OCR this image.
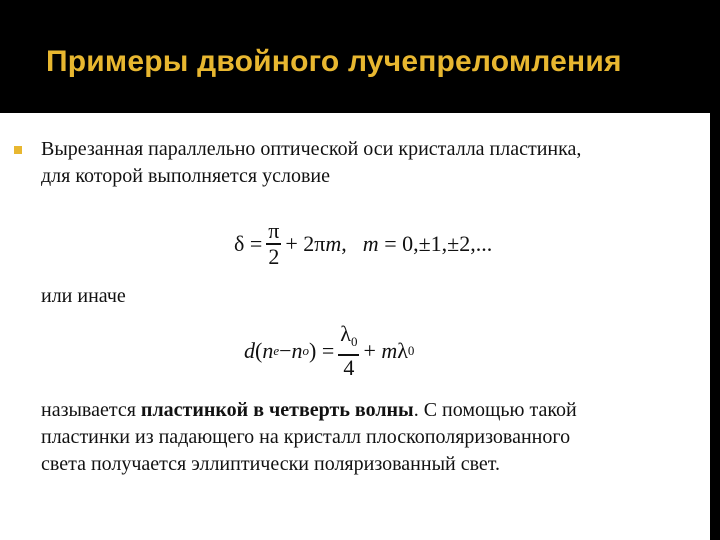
Примеры двойного лучепреломления
Вырезанная параллельно оптической оси кристалла пластинка,
для которой выполняется условие
$\delta = \frac{\pi}{2} + 2\pi$ m , m
= 0,±1,±2,...
или иначе
d ( n e − n o ) = $\frac{\lambda_0}{4}$ +
m λ 0
называется пластинкой в четверть волны. С помощью такой
пластинки из падающего на кристалл плоскополяризованного
света получается эллиптически поляризованный свет.
